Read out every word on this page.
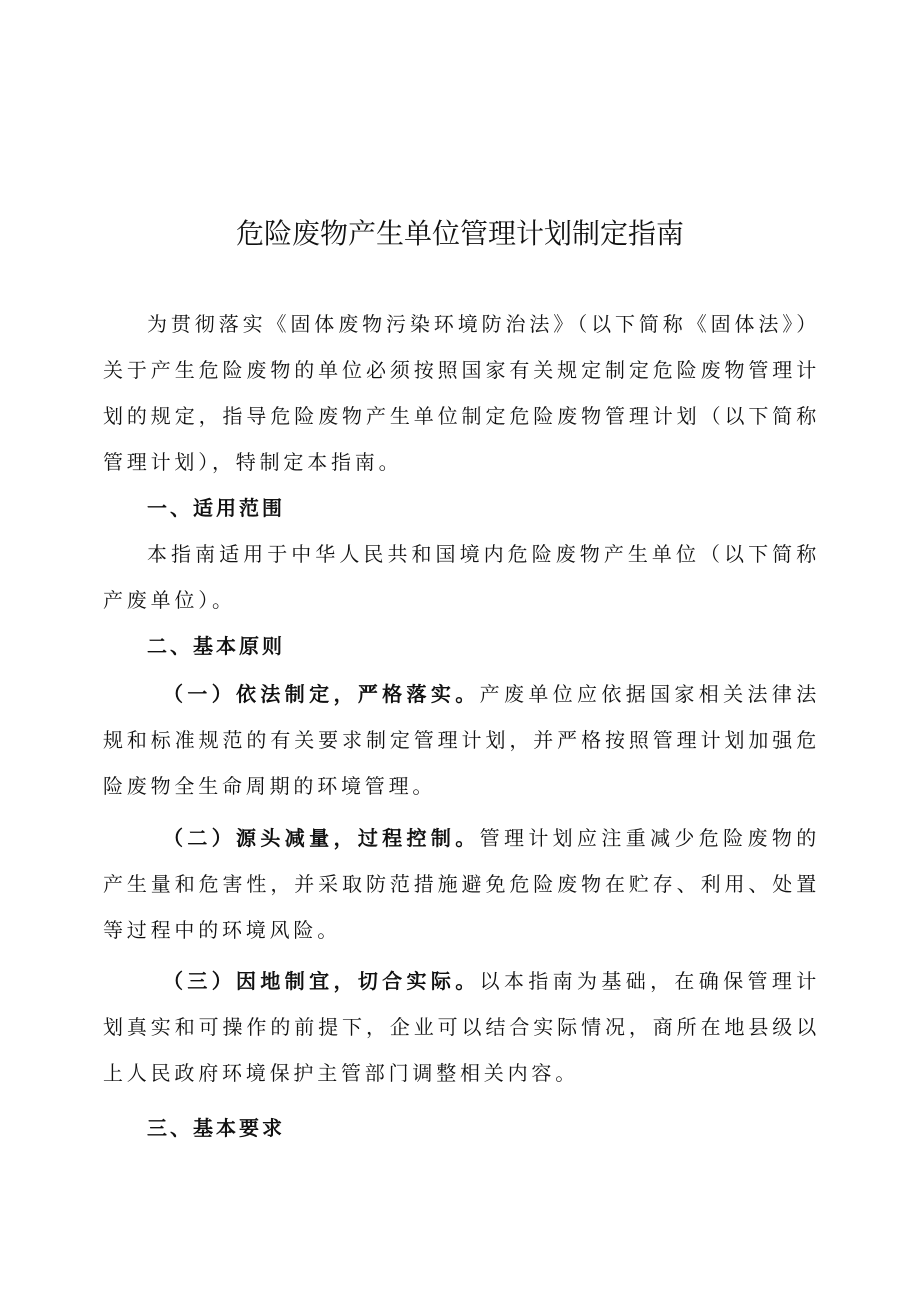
危险废物产生单位管理计划制定指南
为贯彻落实《固体废物污染环境防治法》（以下简称《固体法》）关于产生危险废物的单位必须按照国家有关规定制定危险废物管理计划的规定，指导危险废物产生单位制定危险废物管理计划（以下简称管理计划），特制定本指南。
一、适用范围
本指南适用于中华人民共和国境内危险废物产生单位（以下简称产废单位）。
二、基本原则
（一）依法制定，严格落实。产废单位应依据国家相关法律法规和标准规范的有关要求制定管理计划，并严格按照管理计划加强危险废物全生命周期的环境管理。
（二）源头减量，过程控制。管理计划应注重减少危险废物的产生量和危害性，并采取防范措施避免危险废物在贮存、利用、处置等过程中的环境风险。
（三）因地制宜，切合实际。以本指南为基础，在确保管理计划真实和可操作的前提下，企业可以结合实际情况，商所在地县级以上人民政府环境保护主管部门调整相关内容。
三、基本要求
